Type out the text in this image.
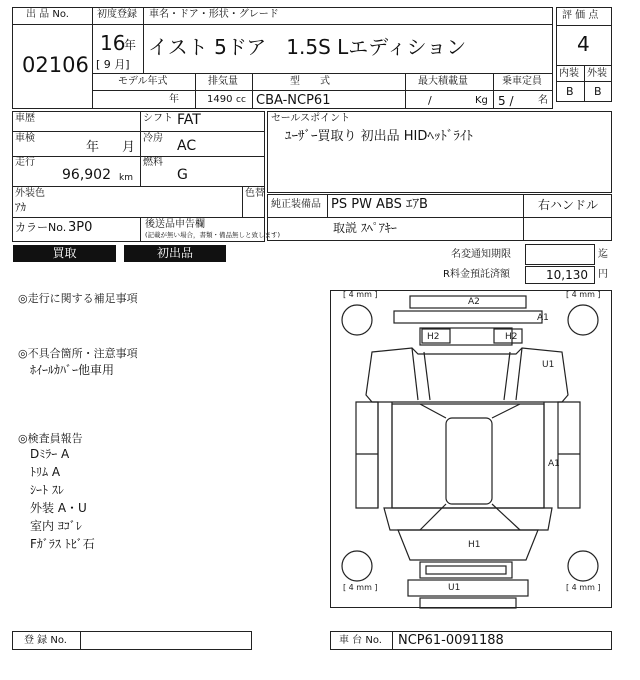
出 品 No.
02106
初度登録
16
年
[ 9 月]
車名・ドア・形状・グレード
イスト 5ドア　1.5S Lエディション
モデル年式
年
排気量
1490 cc
型　　式
CBA-NCP61
最大積載量
/	Kg
乗車定員
5 / 名
評 価 点
4
内装 外装
B B
車歴
車検
年 月
走行
96,902 km
シフト FAT
冷房 AC
燃料
G
外装色
ｱｶ
色替
カラーNo. 3P0	後送品申告欄
(記載が無い場合，書類・備品無しと致します)
セールスポイント
ﾕｰｻﾞｰ買取り 初出品 HIDﾍｯﾄﾞﾗｲﾄ
純正装備品 PS PW ABS ｴｱB	右ハンドル
取説 ｽﾍﾟｱｷｰ
買取	初出品	名変通知期限	迄
R料金預託済額	10,130 円
◎走行に関する補足事項
◎不具合箇所・注意事項
ﾎｲｰﾙｶﾊﾞｰ他車用
◎検査員報告
Dﾐﾗｰ A
ﾄﾘﾑ A
ｼｰﾄ ｽﾚ
外装 A・U
室内 ﾖｺﾞﾚ
Fｶﾞﾗｽ ﾄﾋﾞ石
[ 4 mm ]	[ 4 mm ]
[ 4 mm ]	[ 4 mm ]
A2
A1
H2	H2
U1
A1
H1
U1
登 録 No.	車 台 No. NCP61-0091188
